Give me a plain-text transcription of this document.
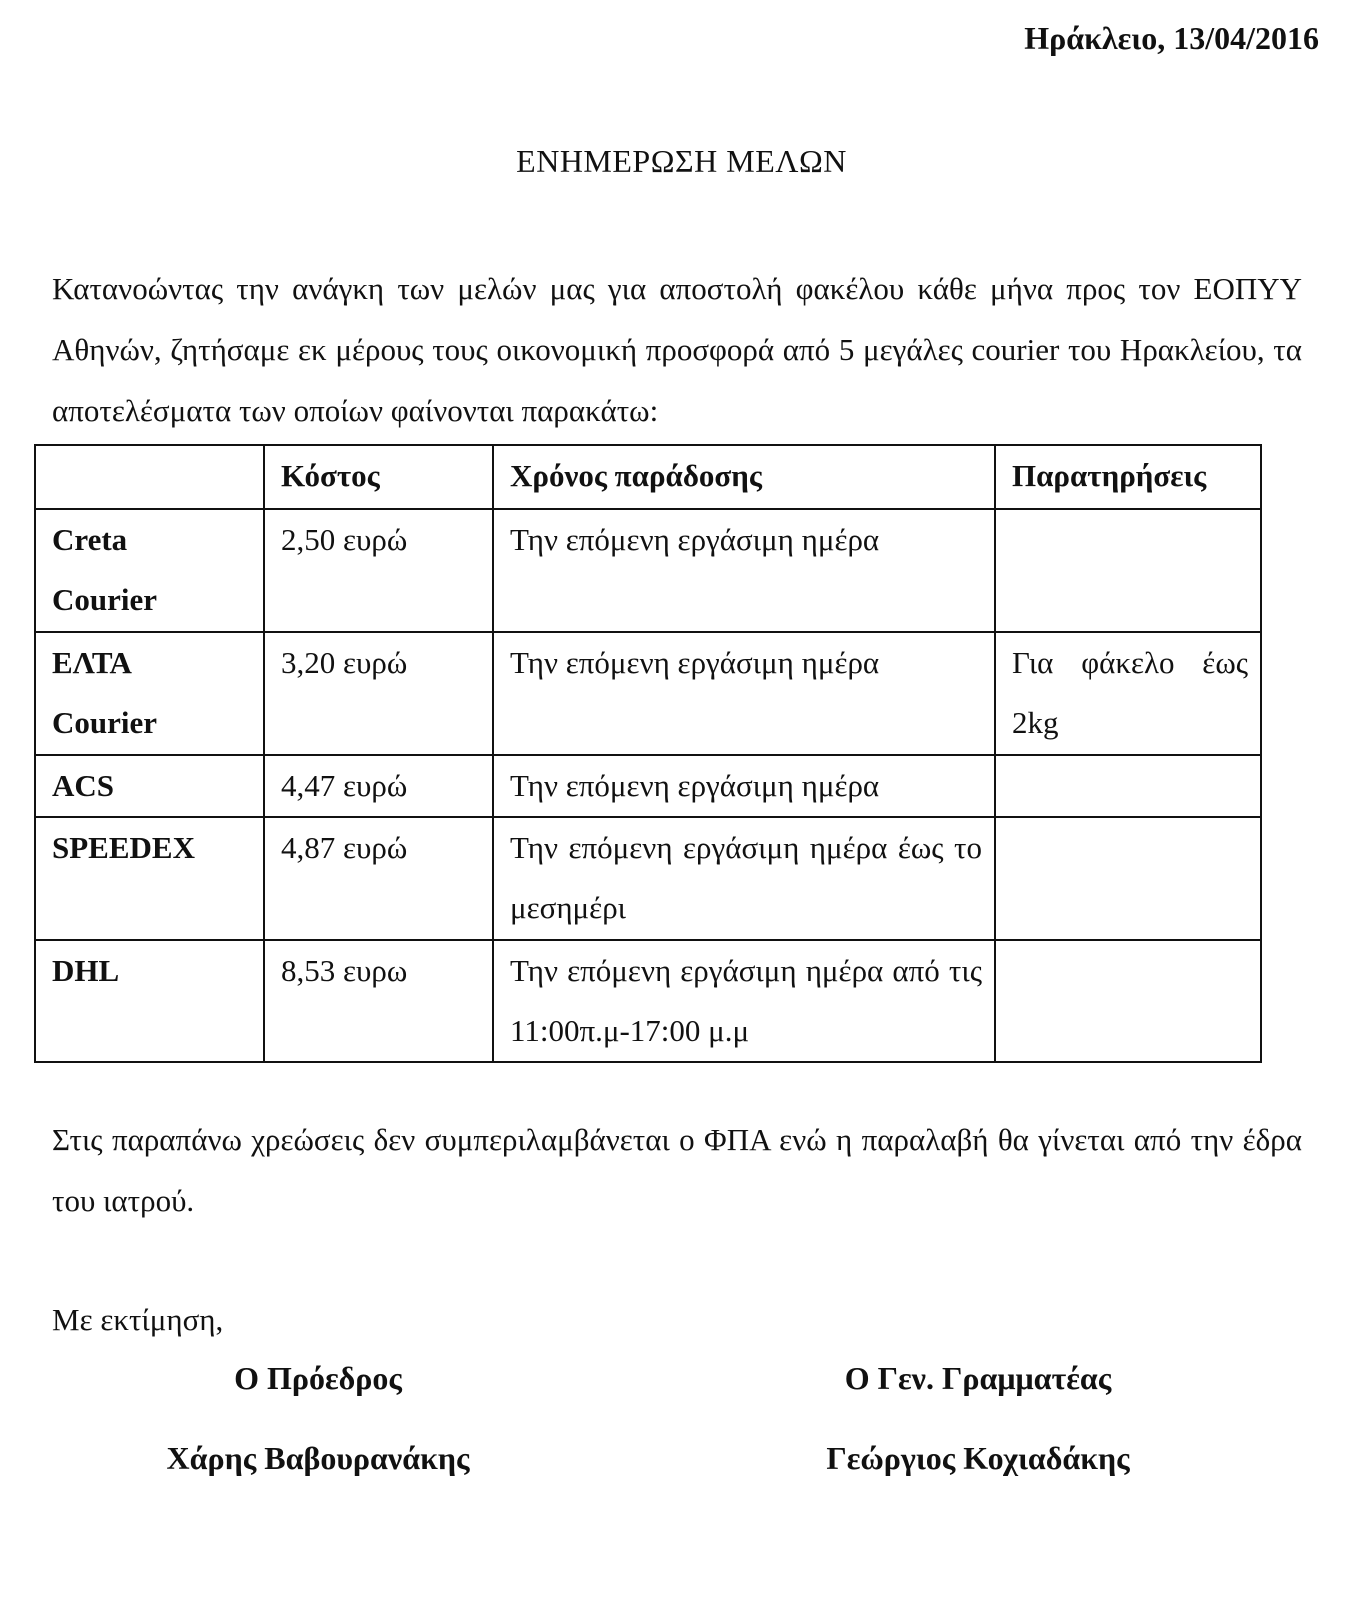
Ηράκλειο, 13/04/2016
ΕΝΗΜΕΡΩΣΗ ΜΕΛΩΝ

Κατανοώντας την ανάγκη των μελών μας για αποστολή φακέλου κάθε μήνα προς τον ΕΟΠΥΥ Αθηνών, ζητήσαμε εκ μέρους τους οικονομική προσφορά από 5 μεγάλες courier του Ηρακλείου, τα αποτελέσματα των οποίων φαίνονται παρακάτω:

	Κόστος	Χρόνος παράδοσης	Παρατηρήσεις
Creta Courier	2,50 ευρώ	Την επόμενη εργάσιμη ημέρα	
ΕΛΤΑ Courier	3,20 ευρώ	Την επόμενη εργάσιμη ημέρα	Για φάκελο έως 2kg
ACS	4,47 ευρώ	Την επόμενη εργάσιμη ημέρα	
SPEEDEX	4,87 ευρώ	Την επόμενη εργάσιμη ημέρα έως το μεσημέρι	
DHL	8,53 ευρω	Την επόμενη εργάσιμη ημέρα από τις 11:00π.μ-17:00 μ.μ	

Στις παραπάνω χρεώσεις δεν συμπεριλαμβάνεται ο ΦΠΑ ενώ η παραλαβή θα γίνεται από την έδρα του ιατρού.

Με εκτίμηση,
Ο Πρόεδρος
Χάρης Βαβουρανάκης
Ο Γεν. Γραμματέας
Γεώργιος Κοχιαδάκης
